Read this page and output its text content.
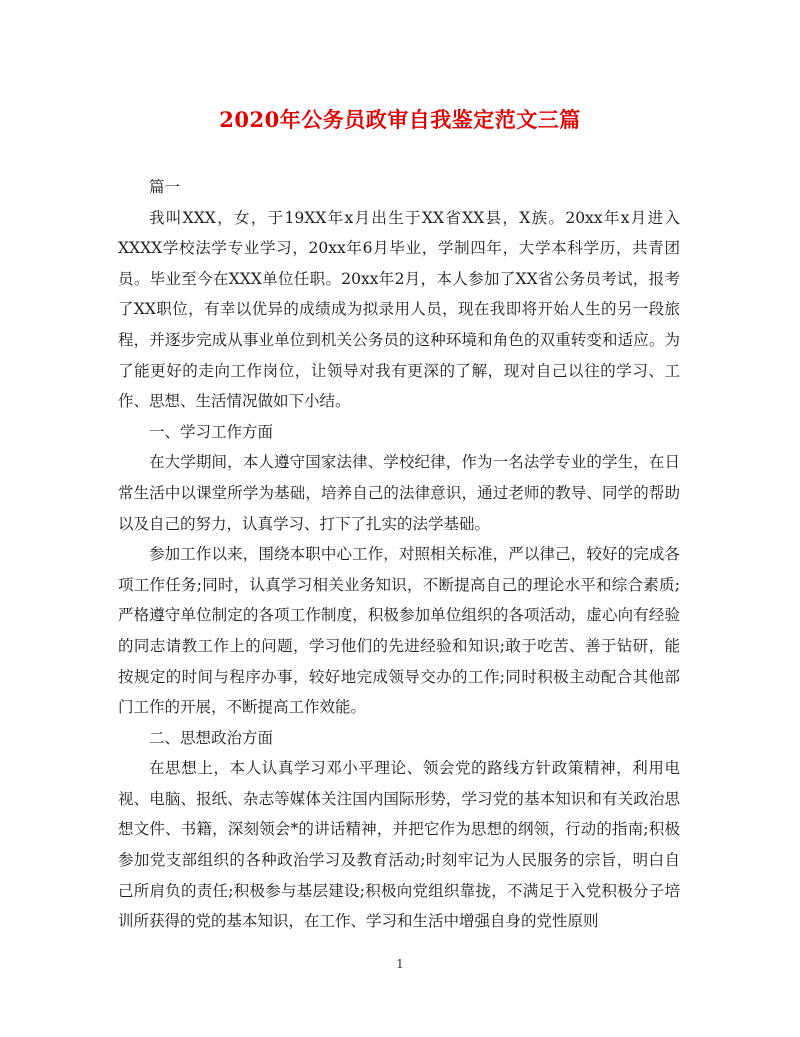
2020年公务员政审自我鉴定范文三篇

篇一

我叫XXX，女，于19XX年x月出生于XX省XX县，X族。20xx年x月进入XXXX学校法学专业学习，20xx年6月毕业，学制四年，大学本科学历，共青团员。毕业至今在XXX单位任职。20xx年2月，本人参加了XX省公务员考试，报考了XX职位，有幸以优异的成绩成为拟录用人员，现在我即将开始人生的另一段旅程，并逐步完成从事业单位到机关公务员的这种环境和角色的双重转变和适应。为了能更好的走向工作岗位，让领导对我有更深的了解，现对自己以往的学习、工作、思想、生活情况做如下小结。

一、学习工作方面

在大学期间，本人遵守国家法律、学校纪律，作为一名法学专业的学生，在日常生活中以课堂所学为基础，培养自己的法律意识，通过老师的教导、同学的帮助以及自己的努力，认真学习、打下了扎实的法学基础。

参加工作以来，围绕本职中心工作，对照相关标准，严以律己，较好的完成各项工作任务;同时，认真学习相关业务知识，不断提高自己的理论水平和综合素质;严格遵守单位制定的各项工作制度，积极参加单位组织的各项活动，虚心向有经验的同志请教工作上的问题，学习他们的先进经验和知识;敢于吃苦、善于钻研，能按规定的时间与程序办事，较好地完成领导交办的工作;同时积极主动配合其他部门工作的开展，不断提高工作效能。

二、思想政治方面

在思想上，本人认真学习邓小平理论、领会党的路线方针政策精神，利用电视、电脑、报纸、杂志等媒体关注国内国际形势，学习党的基本知识和有关政治思想文件、书籍，深刻领会*的讲话精神，并把它作为思想的纲领，行动的指南;积极参加党支部组织的各种政治学习及教育活动;时刻牢记为人民服务的宗旨，明白自己所肩负的责任;积极参与基层建设;积极向党组织靠拢，不满足于入党积极分子培训所获得的党的基本知识，在工作、学习和生活中增强自身的党性原则

1
